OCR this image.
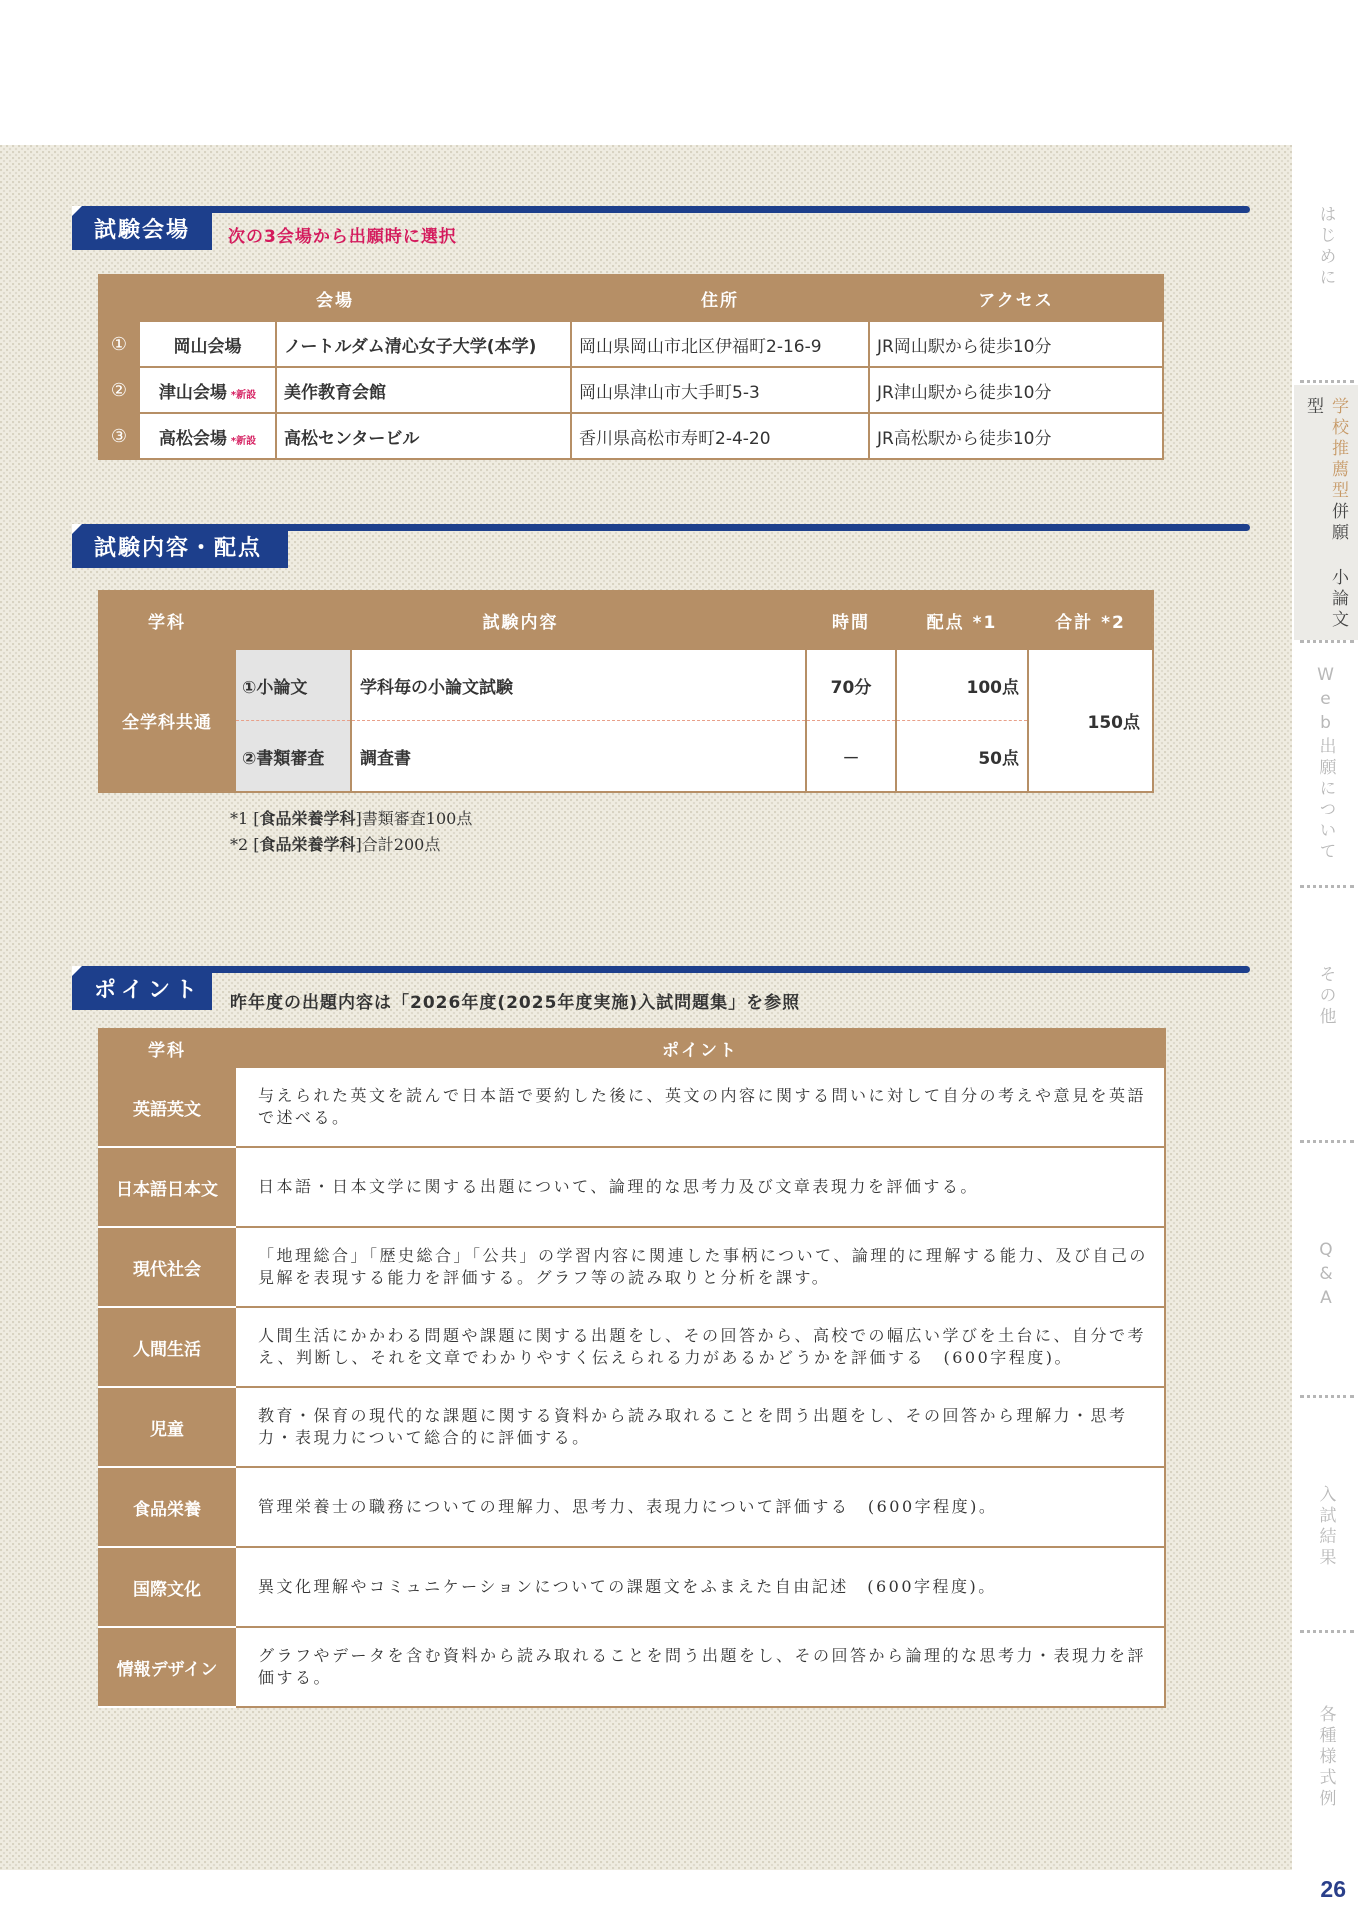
はじめに
学校推薦型併願 小論文型
Web出願について
その他
Q&A
入試結果
各種様式例
26
試験会場	次の3会場から出願時に選択
会場			住所	アクセス
①	岡山会場	ノートルダム清心女子大学(本学)	岡山県岡山市北区伊福町2-16-9	JR岡山駅から徒歩10分
②	津山会場 *新設	美作教育会館	岡山県津山市大手町5-3	JR津山駅から徒歩10分
③	高松会場 *新設	高松センタービル	香川県高松市寿町2-4-20	JR高松駅から徒歩10分
試験内容・配点
学科	試験内容		時間	配点 *1	合計 *2
全学科共通	①小論文	学科毎の小論文試験	70分	100点	150点
	②書類審査	調査書	－	50点	
*1 [食品栄養学科]書類審査100点
*2 [食品栄養学科]合計200点
ポイント
昨年度の出題内容は「2026年度(2025年度実施)入試問題集」を参照
学科	ポイント
英語英文	与えられた英文を読んで日本語で要約した後に、英文の内容に関する問いに対して自分の考えや意見を英語で述べる。
日本語日本文	日本語・日本文学に関する出題について、論理的な思考力及び文章表現力を評価する。
現代社会	「地理総合」「歴史総合」「公共」の学習内容に関連した事柄について、論理的に理解する能力、及び自己の見解を表現する能力を評価する。グラフ等の読み取りと分析を課す。
人間生活	人間生活にかかわる問題や課題に関する出題をし、その回答から、高校での幅広い学びを土台に、自分で考え、判断し、それを文章でわかりやすく伝えられる力があるかどうかを評価する　(600字程度)。
児童	教育・保育の現代的な課題に関する資料から読み取れることを問う出題をし、その回答から理解力・思考力・表現力について総合的に評価する。
食品栄養	管理栄養士の職務についての理解力、思考力、表現力について評価する　(600字程度)。
国際文化	異文化理解やコミュニケーションについての課題文をふまえた自由記述　(600字程度)。
情報デザイン	グラフやデータを含む資料から読み取れることを問う出題をし、その回答から論理的な思考力・表現力を評価する。
